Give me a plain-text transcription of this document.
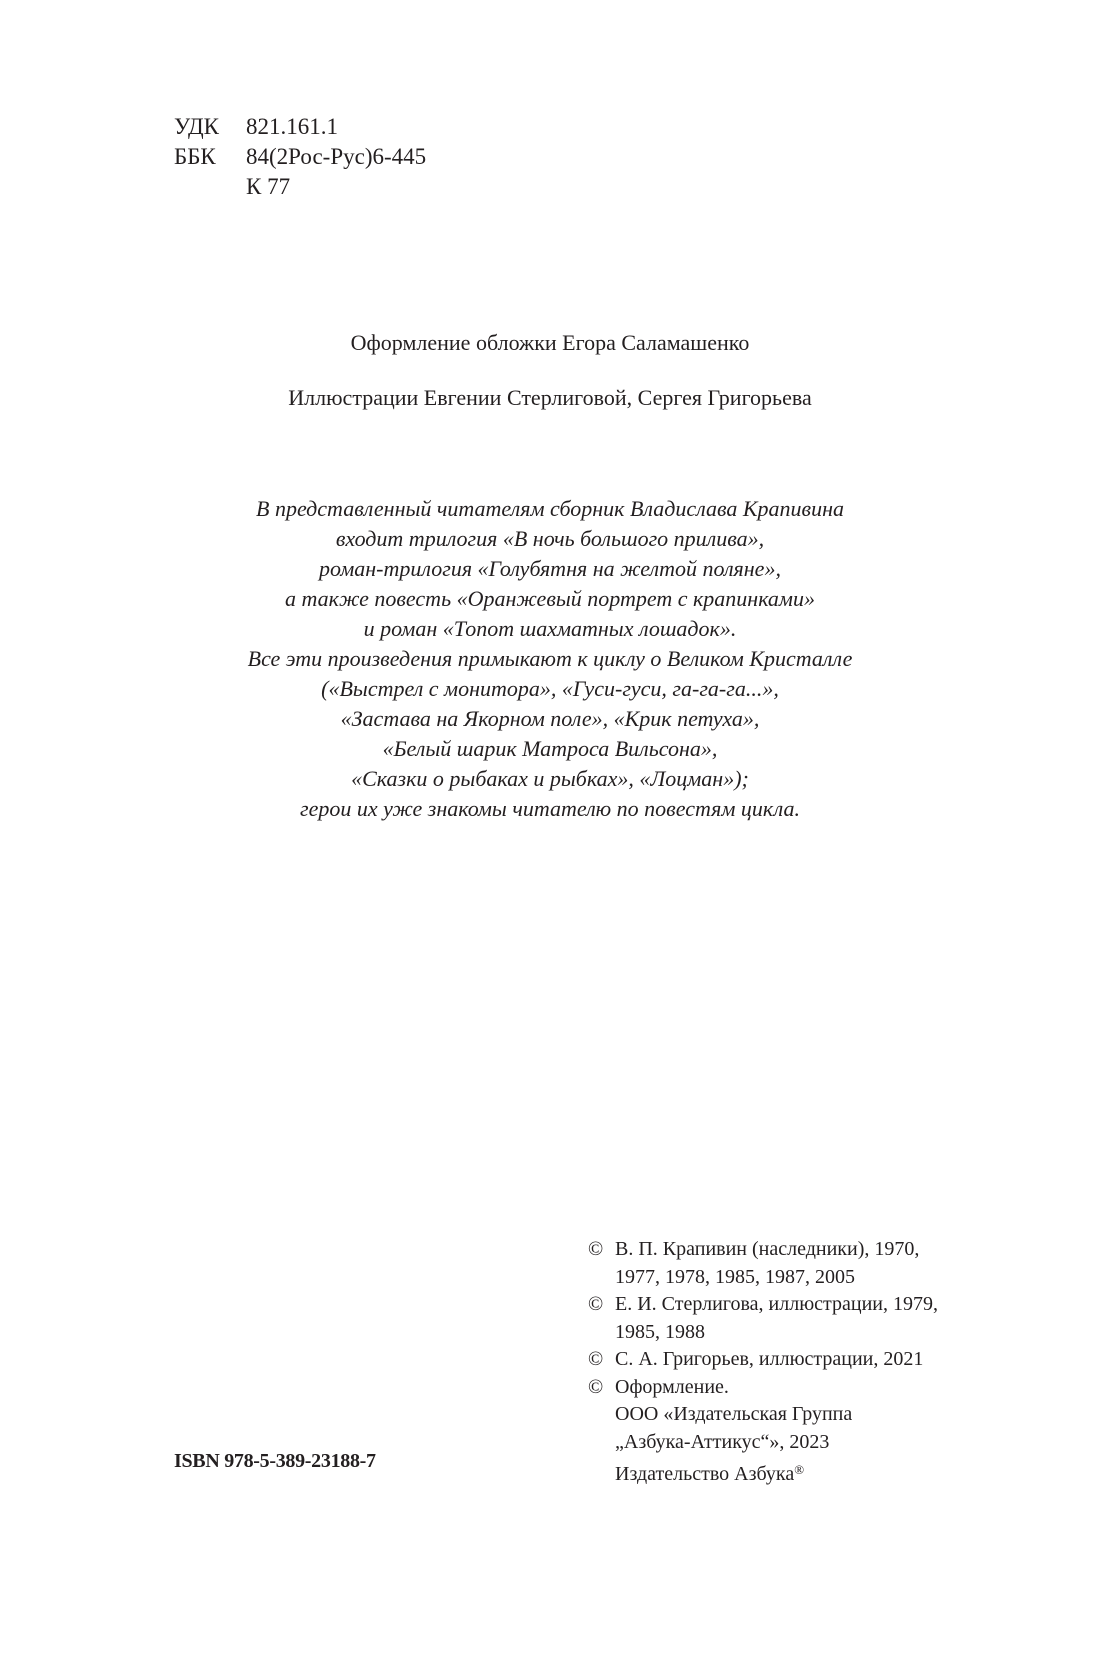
УДК	821.161.1
ББК	84(2Рос-Рус)6-445
К 77
Оформление обложки Егора Саламашенко
Иллюстрации Евгении Стерлиговой, Сергея Григорьева
В представленный читателям сборник Владислава Крапивина
входит трилогия «В ночь большого прилива»,
роман-трилогия «Голубятня на желтой поляне»,
а также повесть «Оранжевый портрет с крапинками»
и роман «Топот шахматных лошадок».
Все эти произведения примыкают к циклу о Великом Кристалле
(«Выстрел с монитора», «Гуси-гуси, га-га-га...»,
«Застава на Якорном поле», «Крик петуха»,
«Белый шарик Матроса Вильсона»,
«Сказки о рыбаках и рыбках», «Лоцман»);
герои их уже знакомы читателю по повестям цикла.
© В. П. Крапивин (наследники), 1970,
1977, 1978, 1985, 1987, 2005
© Е. И. Стерлигова, иллюстрации, 1979,
1985, 1988
© С. А. Григорьев, иллюстрации, 2021
© Оформление.
ООО «Издательская Группа
„Азбука-Аттикус“», 2023
Издательство Азбука®
ISBN 978-5-389-23188-7
